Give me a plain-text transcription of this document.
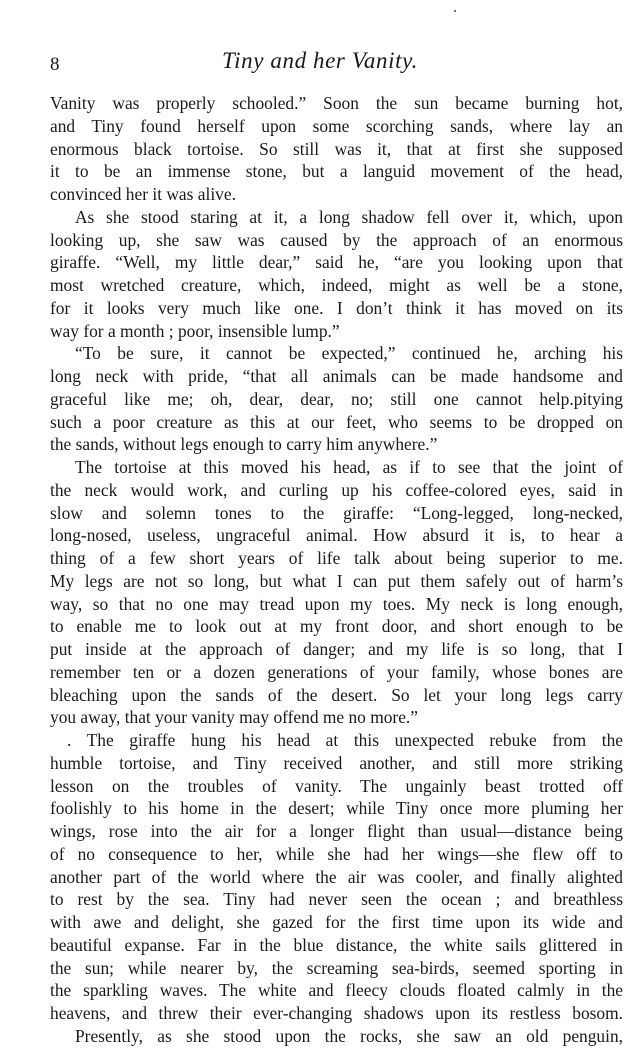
8	Tiny and her Vanity.
Vanity was properly schooled.” Soon the sun became burning hot,
and Tiny found herself upon some scorching sands, where lay an
enormous black tortoise. So still was it, that at first she supposed
it to be an immense stone, but a languid movement of the head,
convinced her it was alive.
As she stood staring at it, a long shadow fell over it, which, upon
looking up, she saw was caused by the approach of an enormous
giraffe. “Well, my little dear,” said he, “are you looking upon that
most wretched creature, which, indeed, might as well be a stone,
for it looks very much like one. I don’t think it has moved on its
way for a month ; poor, insensible lump.”
“To be sure, it cannot be expected,” continued he, arching his
long neck with pride, “that all animals can be made handsome and
graceful like me; oh, dear, dear, no; still one cannot help.pitying
such a poor creature as this at our feet, who seems to be dropped on
the sands, without legs enough to carry him anywhere.”
The tortoise at this moved his head, as if to see that the joint of
the neck would work, and curling up his coffee-colored eyes, said in
slow and solemn tones to the giraffe: “Long-legged, long-necked,
long-nosed, useless, ungraceful animal. How absurd it is, to hear a
thing of a few short years of life talk about being superior to me.
My legs are not so long, but what I can put them safely out of harm’s
way, so that no one may tread upon my toes. My neck is long enough,
to enable me to look out at my front door, and short enough to be
put inside at the approach of danger; and my life is so long, that I
remember ten or a dozen generations of your family, whose bones are
bleaching upon the sands of the desert. So let your long legs carry
you away, that your vanity may offend me no more.”
. The giraffe hung his head at this unexpected rebuke from the
humble tortoise, and Tiny received another, and still more striking
lesson on the troubles of vanity. The ungainly beast trotted off
foolishly to his home in the desert; while Tiny once more pluming her
wings, rose into the air for a longer flight than usual—distance being
of no consequence to her, while she had her wings—she flew off to
another part of the world where the air was cooler, and finally alighted
to rest by the sea. Tiny had never seen the ocean ; and breathless
with awe and delight, she gazed for the first time upon its wide and
beautiful expanse. Far in the blue distance, the white sails glittered in
the sun; while nearer by, the screaming sea-birds, seemed sporting in
the sparkling waves. The white and fleecy clouds floated calmly in the
heavens, and threw their ever-changing shadows upon its restless bosom.
Presently, as she stood upon the rocks, she saw an old penguin,
